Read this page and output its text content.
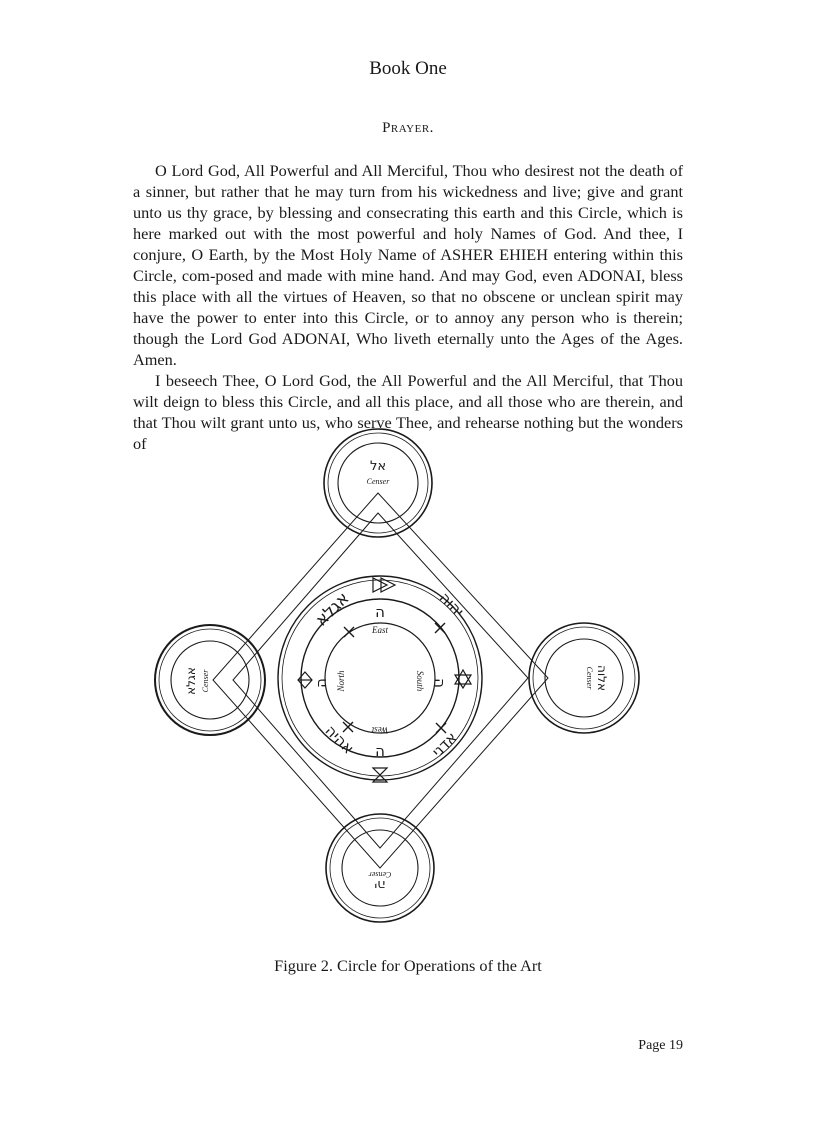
Book One
Prayer.

O Lord God, All Powerful and All Merciful, Thou who desirest not the death of a sinner, but rather that he may turn from his wickedness and live; give and grant unto us thy grace, by blessing and consecrating this earth and this Circle, which is here marked out with the most powerful and holy Names of God. And thee, I conjure, O Earth, by the Most Holy Name of ASHER EHIEH entering within this Circle, com-posed and made with mine hand. And may God, even ADONAI, bless this place with all the virtues of Heaven, so that no obscene or unclean spirit may have the power to enter into this Circle, or to annoy any person who is therein; though the Lord God ADONAI, Who liveth eternally unto the Ages of the Ages. Amen.

I beseech Thee, O Lord God, the All Powerful and the All Merciful, that Thou wilt deign to bless this Circle, and all this place, and all those who are therein, and that Thou wilt grant unto us, who serve Thee, and rehearse nothing but the wonders of

אגלא	יהוה
אהיה	אדני
ה
ה	ה
ה
East
North	South
West
אל
Censer
אגלא Censer	אלוה
Censer
Censer
יה
Figure 2. Circle for Operations of the Art
Page 19
